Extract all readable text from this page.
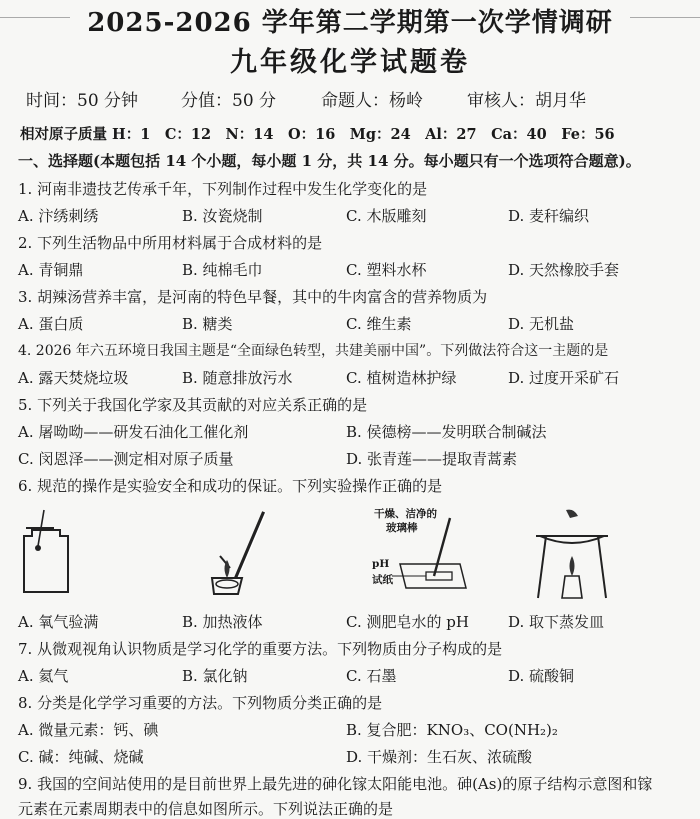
2025-2026 学年第二学期第一次学情调研
九年级化学试题卷
时间：50 分钟	分值：50 分	命题人：杨岭	审核人：胡月华
相对原子质量 H：1　C：12　N：14　O：16　Mg：24　Al：27　Ca：40　Fe：56
一、选择题(本题包括 14 个小题，每小题 1 分，共 14 分。每小题只有一个选项符合题意)。
1. 河南非遗技艺传承千年，下列制作过程中发生化学变化的是
A. 汴绣刺绣	B. 汝瓷烧制	C. 木版雕刻	D. 麦秆编织
2. 下列生活物品中所用材料属于合成材料的是
A. 青铜鼎	B. 纯棉毛巾	C. 塑料水杯	D. 天然橡胶手套
3. 胡辣汤营养丰富，是河南的特色早餐，其中的牛肉富含的营养物质为
A. 蛋白质	B. 糖类	C. 维生素	D. 无机盐
4. 2026 年六五环境日我国主题是“全面绿色转型，共建美丽中国”。下列做法符合这一主题的是
A. 露天焚烧垃圾	B. 随意排放污水	C. 植树造林护绿	D. 过度开采矿石
5. 下列关于我国化学家及其贡献的对应关系正确的是
A. 屠呦呦——研发石油化工催化剂	B. 侯德榜——发明联合制碱法
C. 闵恩泽——测定相对原子质量	D. 张青莲——提取青蒿素
6. 规范的操作是实验安全和成功的保证。下列实验操作正确的是
干燥、洁净的
玻璃棒
pH
试纸
A. 氧气验满	B. 加热液体	C. 测肥皂水的 pH	D. 取下蒸发皿
7. 从微观视角认识物质是学习化学的重要方法。下列物质由分子构成的是
A. 氦气	B. 氯化钠	C. 石墨	D. 硫酸铜
8. 分类是化学学习重要的方法。下列物质分类正确的是
A. 微量元素：钙、碘	B. 复合肥：KNO₃、CO(NH₂)₂
C. 碱：纯碱、烧碱	D. 干燥剂：生石灰、浓硫酸
9. 我国的空间站使用的是目前世界上最先进的砷化镓太阳能电池。砷(As)的原子结构示意图和镓
元素在元素周期表中的信息如图所示。下列说法正确的是
